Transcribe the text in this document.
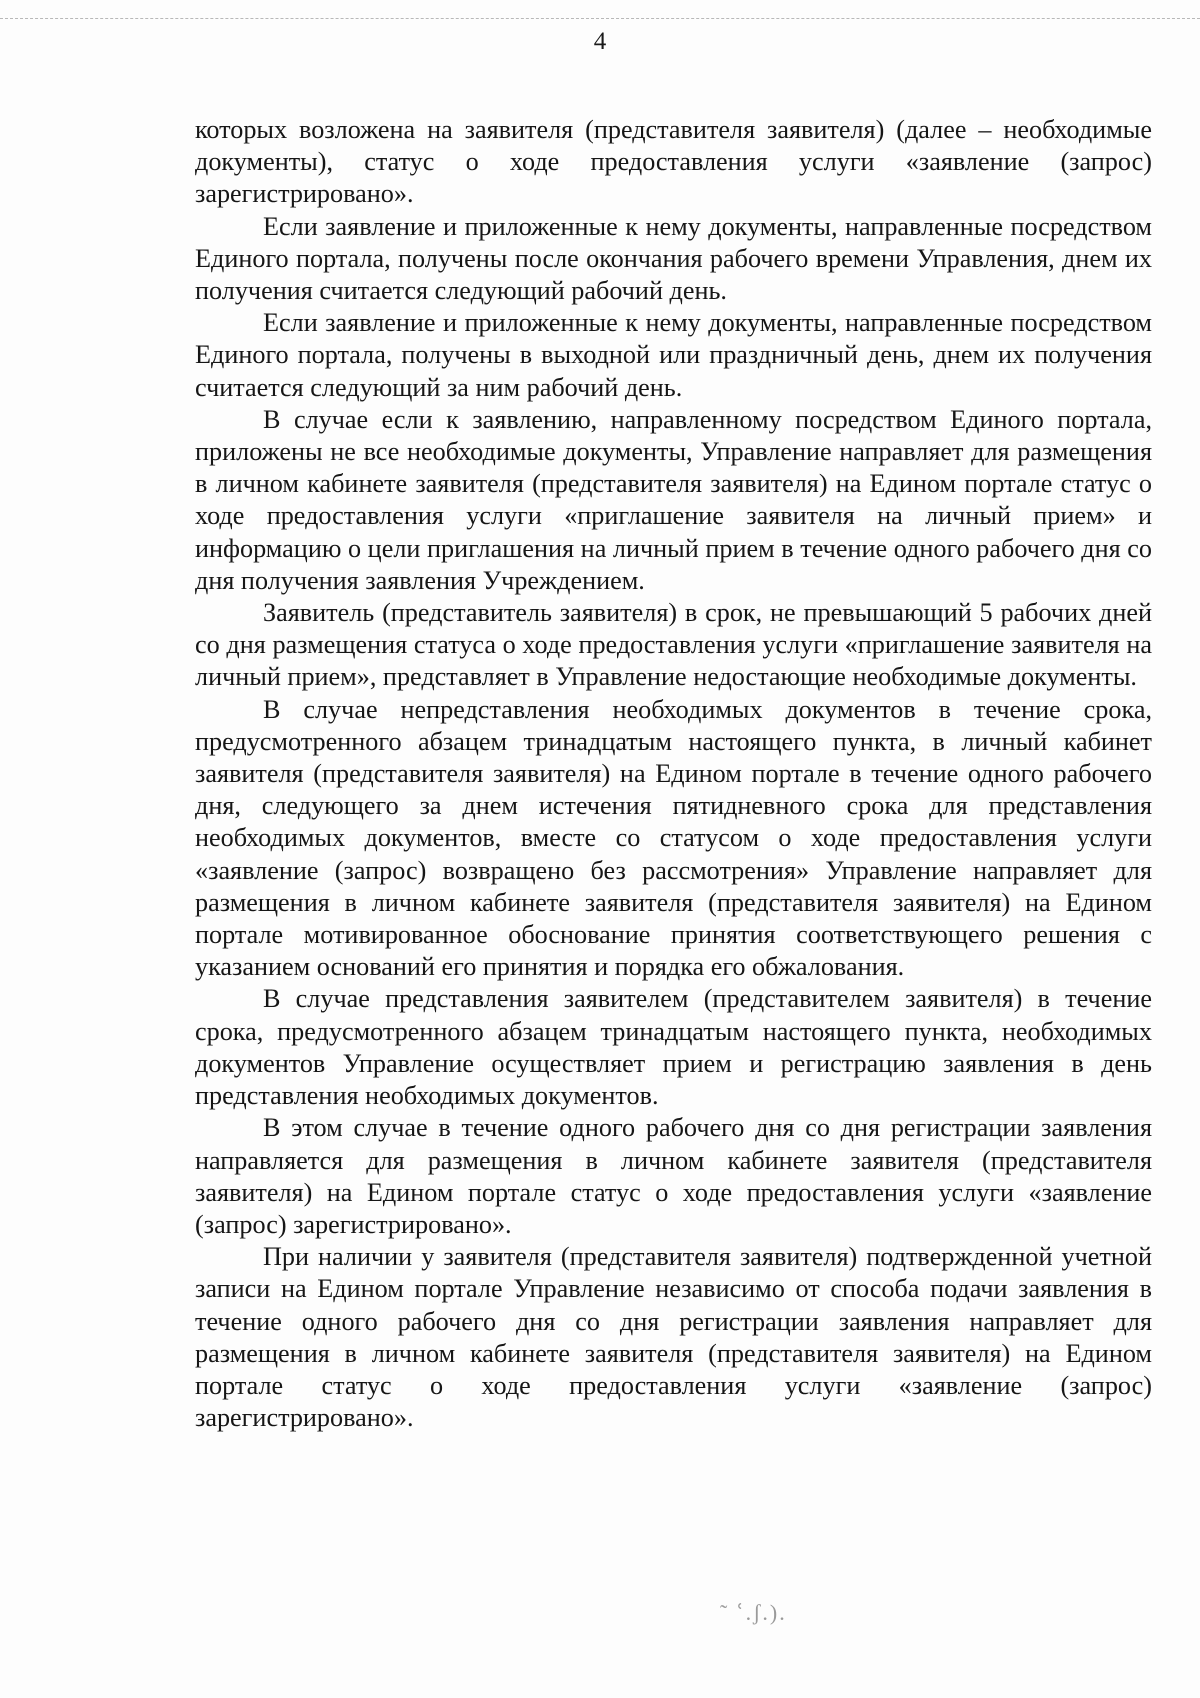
4

которых возложена на заявителя (представителя заявителя) (далее – необходимые документы), статус о ходе предоставления услуги «заявление (запрос) зарегистрировано».

Если заявление и приложенные к нему документы, направленные посредством Единого портала, получены после окончания рабочего времени Управления, днем их получения считается следующий рабочий день.

Если заявление и приложенные к нему документы, направленные посредством Единого портала, получены в выходной или праздничный день, днем их получения считается следующий за ним рабочий день.

В случае если к заявлению, направленному посредством Единого портала, приложены не все необходимые документы, Управление направляет для размещения в личном кабинете заявителя (представителя заявителя) на Едином портале статус о ходе предоставления услуги «приглашение заявителя на личный прием» и информацию о цели приглашения на личный прием в течение одного рабочего дня со дня получения заявления Учреждением.

Заявитель (представитель заявителя) в срок, не превышающий 5 рабочих дней со дня размещения статуса о ходе предоставления услуги «приглашение заявителя на личный прием», представляет в Управление недостающие необходимые документы.

В случае непредставления необходимых документов в течение срока, предусмотренного абзацем тринадцатым настоящего пункта, в личный кабинет заявителя (представителя заявителя) на Едином портале в течение одного рабочего дня, следующего за днем истечения пятидневного срока для представления необходимых документов, вместе со статусом о ходе предоставления услуги «заявление (запрос) возвращено без рассмотрения» Управление направляет для размещения в личном кабинете заявителя (представителя заявителя) на Едином портале мотивированное обоснование принятия соответствующего решения с указанием оснований его принятия и порядка его обжалования.

В случае представления заявителем (представителем заявителя) в течение срока, предусмотренного абзацем тринадцатым настоящего пункта, необходимых документов Управление осуществляет прием и регистрацию заявления в день представления необходимых документов.

В этом случае в течение одного рабочего дня со дня регистрации заявления направляется для размещения в личном кабинете заявителя (представителя заявителя) на Едином портале статус о ходе предоставления услуги «заявление (запрос) зарегистрировано».

При наличии у заявителя (представителя заявителя) подтвержденной учетной записи на Едином портале Управление независимо от способа подачи заявления в течение одного рабочего дня со дня регистрации заявления направляет для размещения в личном кабинете заявителя (представителя заявителя) на Едином портале статус о ходе предоставления услуги «заявление (запрос) зарегистрировано».

˜ ՙ.ʃ.).
